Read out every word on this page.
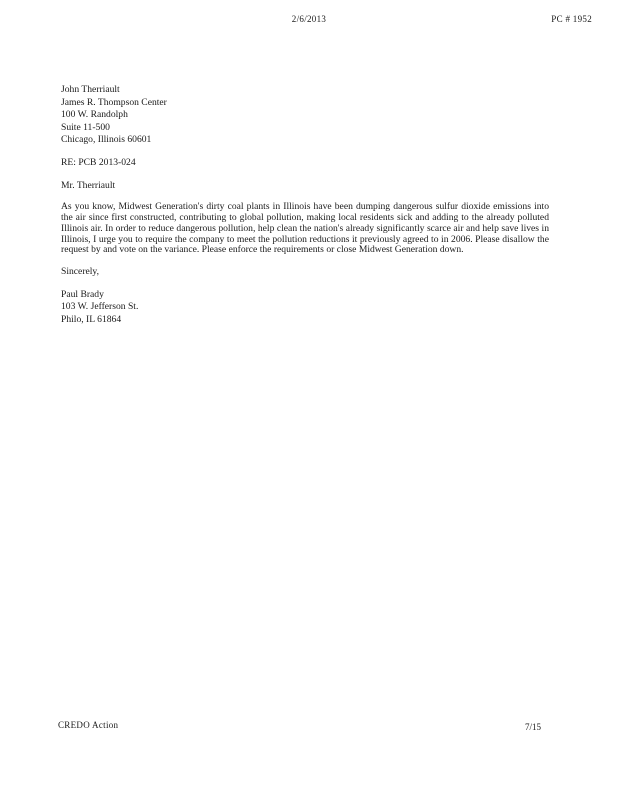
2/6/2013	PC # 1952
John Therriault
James R. Thompson Center
100 W. Randolph
Suite 11-500
Chicago, Illinois 60601
RE: PCB 2013-024
Mr. Therriault
As you know, Midwest Generation's dirty coal plants in Illinois have been dumping dangerous sulfur dioxide emissions into the air since first constructed, contributing to global pollution, making local residents sick and adding to the already polluted Illinois air. In order to reduce dangerous pollution, help clean the nation's already significantly scarce air and help save lives in Illinois, I urge you to require the company to meet the pollution reductions it previously agreed to in 2006. Please disallow the request by and vote on the variance. Please enforce the requirements or close Midwest Generation down.
Sincerely,
Paul Brady
103 W. Jefferson St.
Philo, IL 61864
CREDO Action	7/15
